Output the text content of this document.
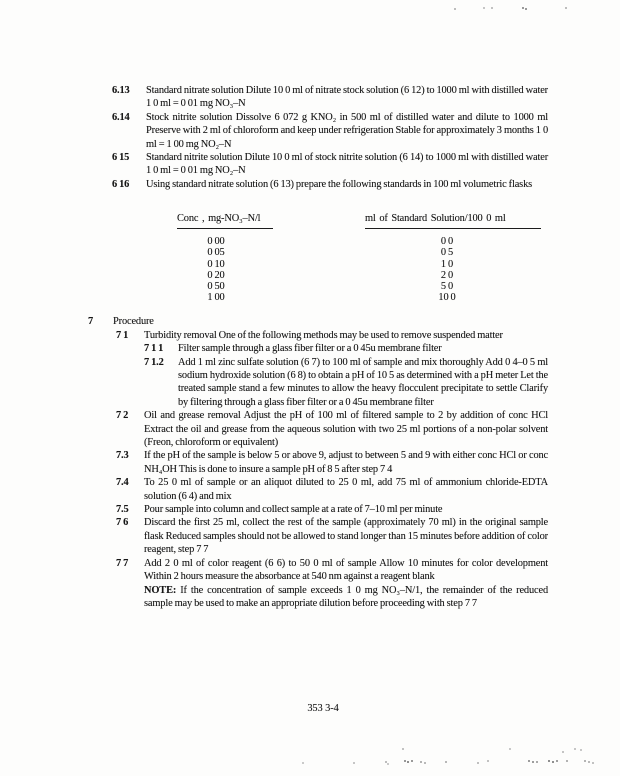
6.13 Standard nitrate solution Dilute 10 0 ml of nitrate stock solution (6 12) to 1000 ml with distilled water 1 0 ml = 0 01 mg NO₃–N
6.14 Stock nitrite solution Dissolve 6 072 g KNO₂ in 500 ml of distilled water and dilute to 1000 ml Preserve with 2 ml of chloroform and keep under refrigeration Stable for approximately 3 months 1 0 ml = 1 00 mg NO₂–N
6 15 Standard nitrite solution Dilute 10 0 ml of stock nitrite solution (6 14) to 1000 ml with distilled water 1 0 ml = 0 01 mg NO₂–N
6 16 Using standard nitrate solution (6 13) prepare the following standards in 100 ml volumetric flasks
Conc , mg-NO₃–N/l
0 00
0 05
0 10
0 20
0 50
1 00
ml of Standard Solution/100 0 ml
0 0
0 5
1 0
2 0
5 0
10 0
7 Procedure
7 1 Turbidity removal One of the following methods may be used to remove suspended matter
7 1 1 Filter sample through a glass fiber filter or a 0 45u membrane filter
7 1.2 Add 1 ml zinc sulfate solution (6 7) to 100 ml of sample and mix thoroughly Add 0 4–0 5 ml sodium hydroxide solution (6 8) to obtain a pH of 10 5 as determined with a pH meter Let the treated sample stand a few minutes to allow the heavy flocculent precipitate to settle Clarify by filtering through a glass fiber filter or a 0 45u membrane filter
7 2 Oil and grease removal Adjust the pH of 100 ml of filtered sample to 2 by addition of conc HCl Extract the oil and grease from the aqueous solution with two 25 ml portions of a non-polar solvent (Freon, chloroform or equivalent)
7.3 If the pH of the sample is below 5 or above 9, adjust to between 5 and 9 with either conc HCl or conc NH₄OH This is done to insure a sample pH of 8 5 after step 7 4
7.4 To 25 0 ml of sample or an aliquot diluted to 25 0 ml, add 75 ml of ammonium chloride-EDTA solution (6 4) and mix
7.5 Pour sample into column and collect sample at a rate of 7–10 ml per minute
7 6 Discard the first 25 ml, collect the rest of the sample (approximately 70 ml) in the original sample flask Reduced samples should not be allowed to stand longer than 15 minutes before addition of color reagent, step 7 7
7 7 Add 2 0 ml of color reagent (6 6) to 50 0 ml of sample Allow 10 minutes for color development Within 2 hours measure the absorbance at 540 nm against a reagent blank
NOTE: If the concentration of sample exceeds 1 0 mg NO₃–N/1, the remainder of the reduced sample may be used to make an appropriate dilution before proceeding with step 7 7
353 3-4
